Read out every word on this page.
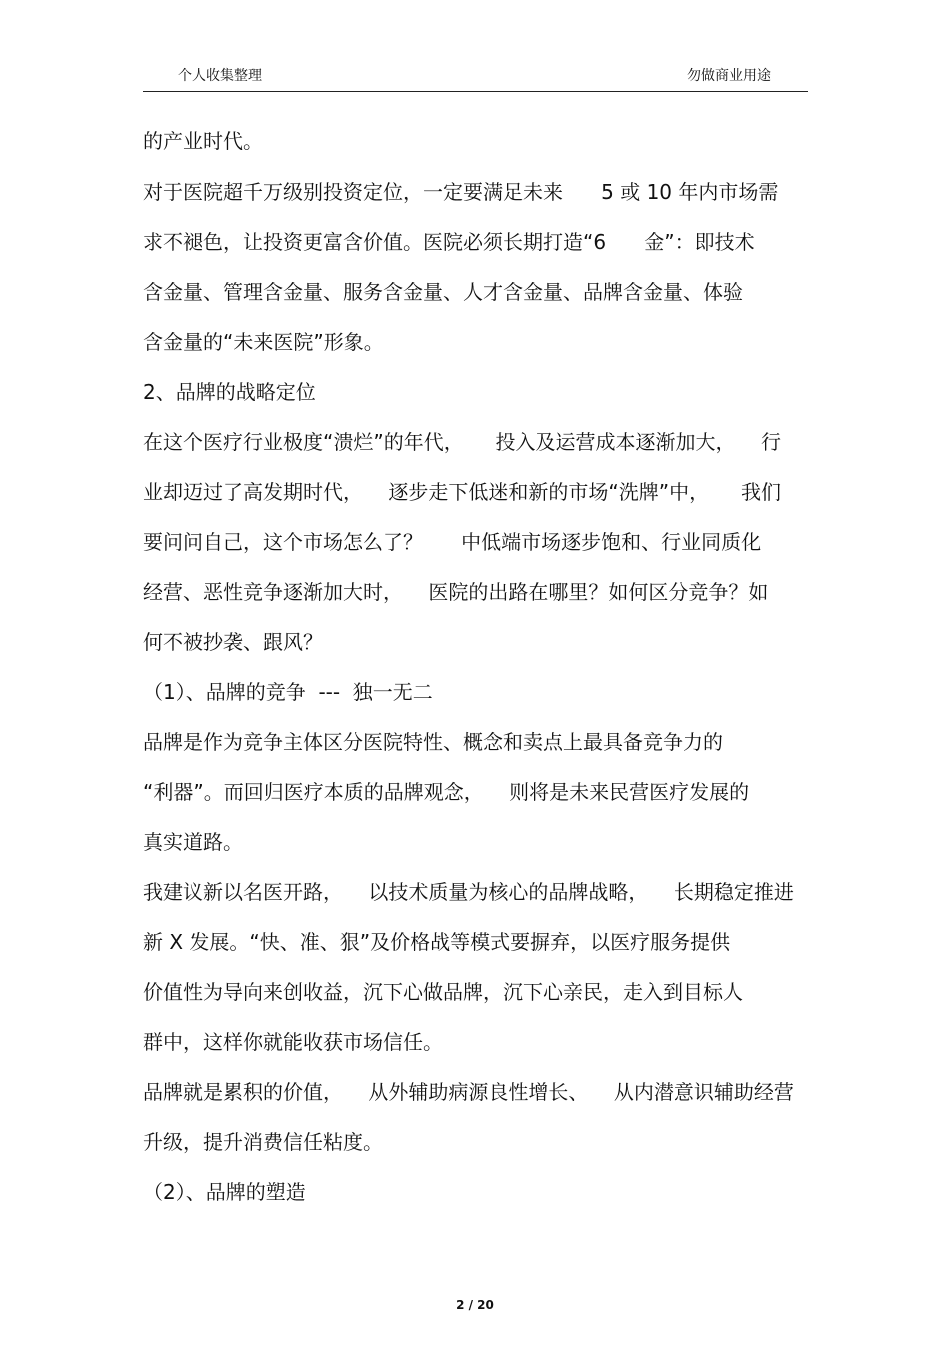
个人收集整理	勿做商业用途
的产业时代。
对于医院超千万级别投资定位，一定要满足未来      5 或 10 年内市场需
求不褪色，让投资更富含价值。医院必须长期打造“6      金”：即技术
含金量、管理含金量、服务含金量、人才含金量、品牌含金量、体验
含金量的“未来医院”形象。
2、品牌的战略定位
在这个医疗行业极度“溃烂”的年代，     投入及运营成本逐渐加大，    行
业却迈过了高发期时代，    逐步走下低迷和新的市场“洗牌”中，     我们
要问问自己，这个市场怎么了？      中低端市场逐步饱和、行业同质化
经营、恶性竞争逐渐加大时，    医院的出路在哪里？如何区分竞争？如
何不被抄袭、跟风？
（1）、品牌的竞争  ---  独一无二
品牌是作为竞争主体区分医院特性、概念和卖点上最具备竞争力的
“利器”。而回归医疗本质的品牌观念，    则将是未来民营医疗发展的
真实道路。
我建议新以名医开路，    以技术质量为核心的品牌战略，    长期稳定推进
新 X 发展。“快、准、狠”及价格战等模式要摒弃，以医疗服务提供
价值性为导向来创收益，沉下心做品牌，沉下心亲民，走入到目标人
群中，这样你就能收获市场信任。
品牌就是累积的价值，    从外辅助病源良性增长、    从内潜意识辅助经营
升级，提升消费信任粘度。
（2）、品牌的塑造
2 / 20
